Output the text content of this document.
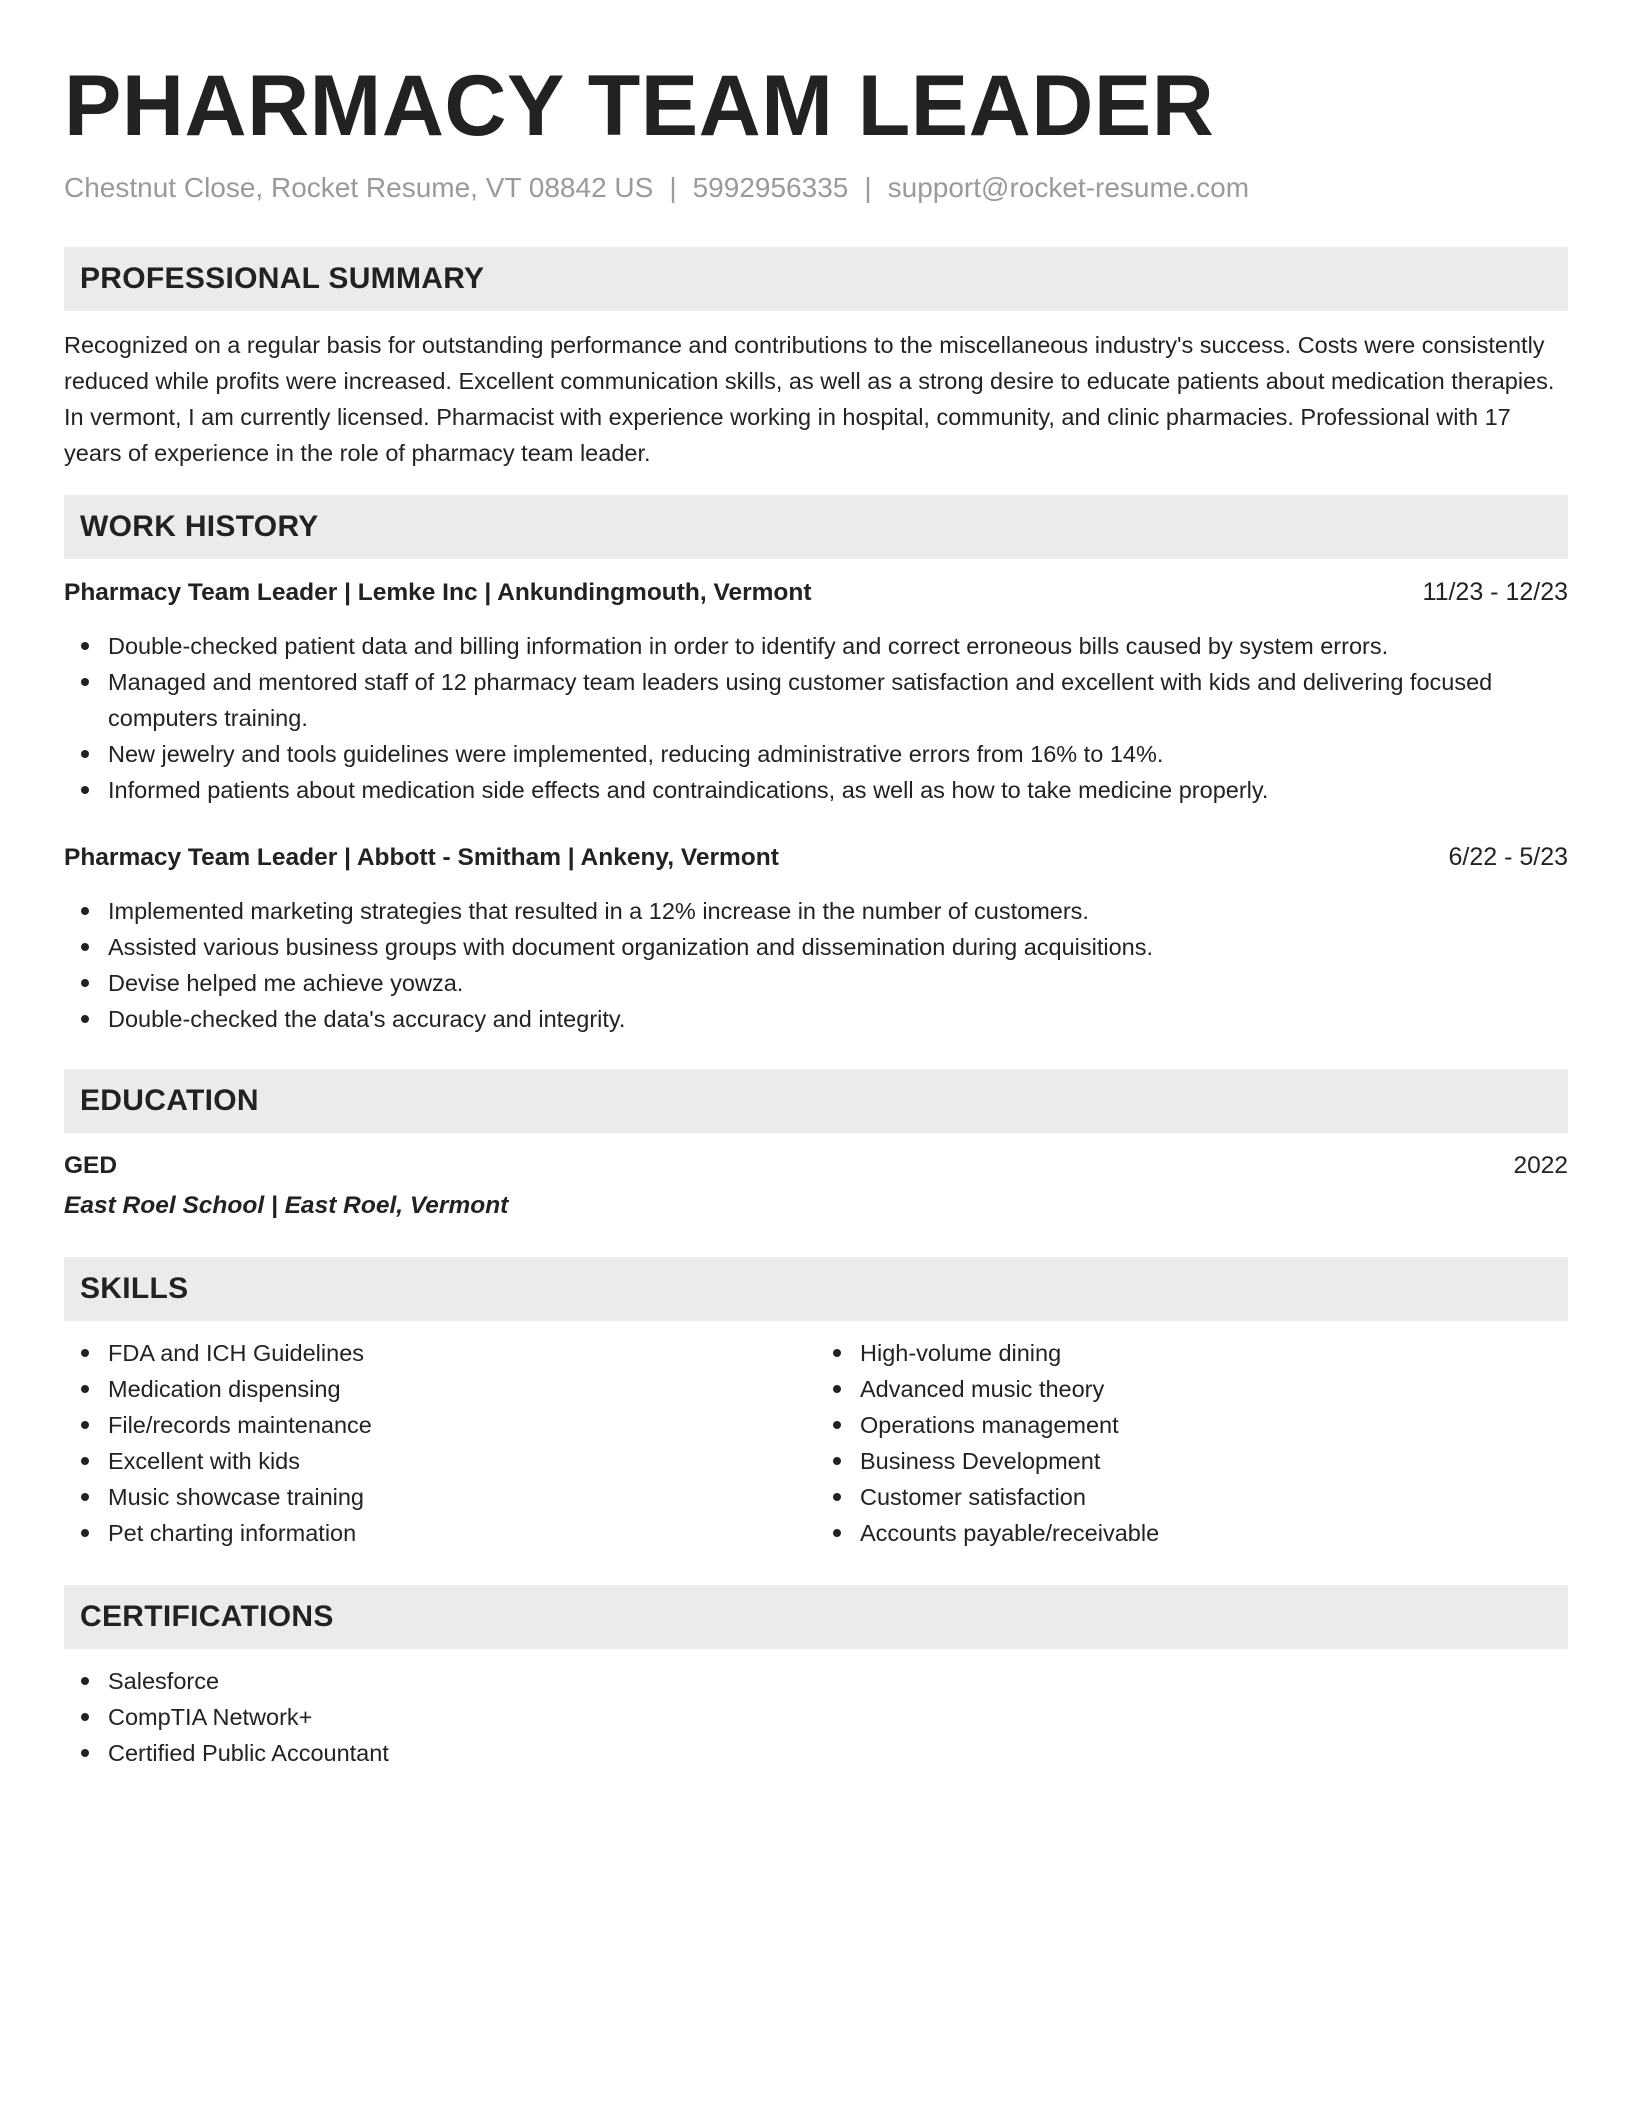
PHARMACY TEAM LEADER
Chestnut Close, Rocket Resume, VT 08842 US | 5992956335 | support@rocket-resume.com
PROFESSIONAL SUMMARY

Recognized on a regular basis for outstanding performance and contributions to the miscellaneous industry's success. Costs were consistently reduced while profits were increased. Excellent communication skills, as well as a strong desire to educate patients about medication therapies. In vermont, I am currently licensed. Pharmacist with experience working in hospital, community, and clinic pharmacies. Professional with 17 years of experience in the role of pharmacy team leader.

WORK HISTORY
Pharmacy Team Leader | Lemke Inc | Ankundingmouth, Vermont	11/23 - 12/23
Double-checked patient data and billing information in order to identify and correct erroneous bills caused by system errors.
Managed and mentored staff of 12 pharmacy team leaders using customer satisfaction and excellent with kids and delivering focused computers training.
New jewelry and tools guidelines were implemented, reducing administrative errors from 16% to 14%.
Informed patients about medication side effects and contraindications, as well as how to take medicine properly.
Pharmacy Team Leader | Abbott - Smitham | Ankeny, Vermont	6/22 - 5/23
Implemented marketing strategies that resulted in a 12% increase in the number of customers.
Assisted various business groups with document organization and dissemination during acquisitions.
Devise helped me achieve yowza.
Double-checked the data's accuracy and integrity.
EDUCATION
GED	2022
East Roel School | East Roel, Vermont
SKILLS
FDA and ICH Guidelines
Medication dispensing
File/records maintenance
Excellent with kids
Music showcase training
Pet charting information
High-volume dining
Advanced music theory
Operations management
Business Development
Customer satisfaction
Accounts payable/receivable
CERTIFICATIONS
Salesforce
CompTIA Network+
Certified Public Accountant
